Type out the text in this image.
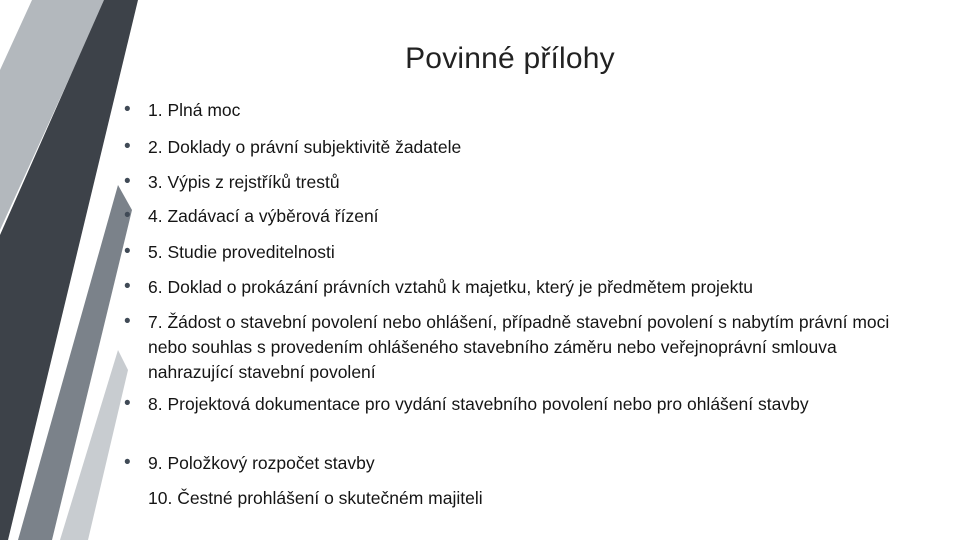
Povinné přílohy
• 1. Plná moc
• 2. Doklady o právní subjektivitě žadatele
• 3. Výpis z rejstříků trestů
• 4. Zadávací a výběrová řízení
• 5. Studie proveditelnosti
• 6. Doklad o prokázání právních vztahů k majetku, který je předmětem projektu
• 7. Žádost o stavební povolení nebo ohlášení, případně stavební povolení s nabytím právní moci nebo souhlas s provedením ohlášeného stavebního záměru nebo veřejnoprávní smlouva nahrazující stavební povolení
• 8. Projektová dokumentace pro vydání stavebního povolení nebo pro ohlášení stavby
• 9. Položkový rozpočet stavby
10. Čestné prohlášení o skutečném majiteli
